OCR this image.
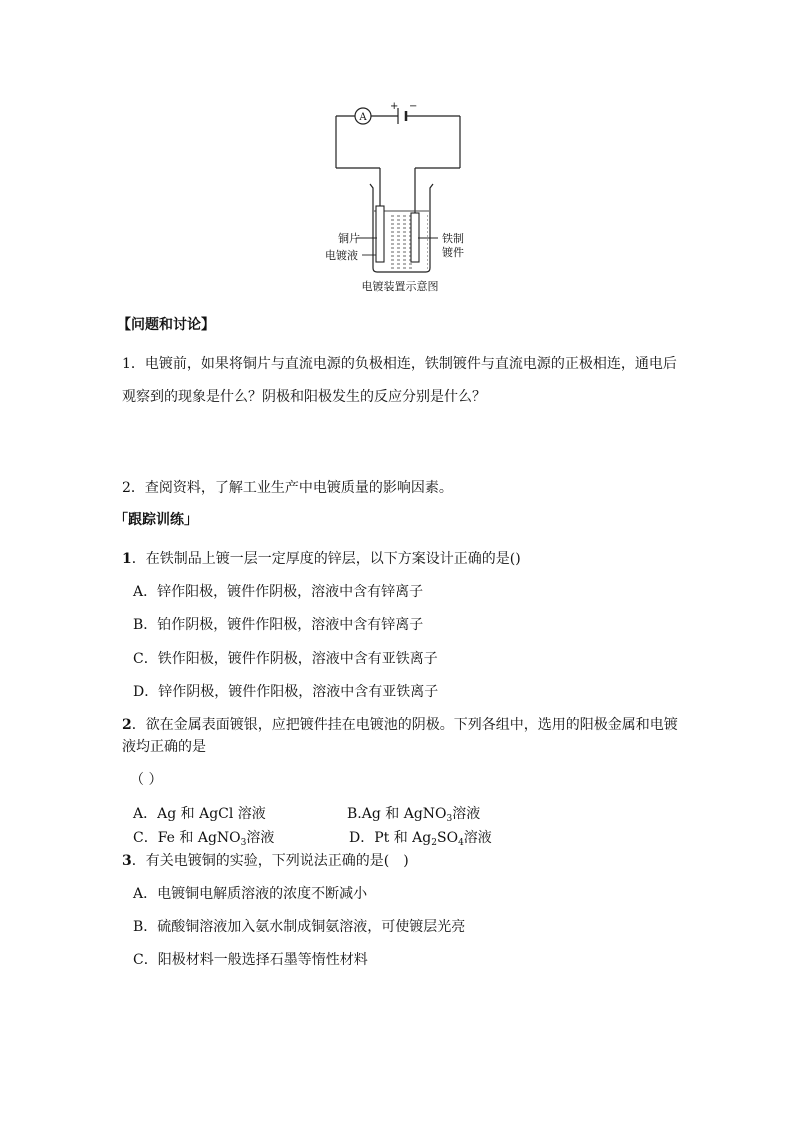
A
+ −
铜片
电镀液
铁制
镀件
电镀装置示意图
【问题和讨论】
1．电镀前，如果将铜片与直流电源的负极相连，铁制镀件与直流电源的正极相连，通电后
观察到的现象是什么？阴极和阳极发生的反应分别是什么？
2．查阅资料，了解工业生产中电镀质量的影响因素。
「跟踪训练」
1．在铁制品上镀一层一定厚度的锌层，以下方案设计正确的是()
A．锌作阳极，镀件作阴极，溶液中含有锌离子
B．铂作阴极，镀件作阳极，溶液中含有锌离子
C．铁作阳极，镀件作阴极，溶液中含有亚铁离子
D．锌作阴极，镀件作阳极，溶液中含有亚铁离子
2．欲在金属表面镀银，应把镀件挂在电镀池的阴极。下列各组中，选用的阳极金属和电镀
液均正确的是
（ ）
A．Ag 和 AgCl 溶液	B.Ag 和 AgNO$_3$溶液
C．Fe 和 AgNO$_3$溶液	D．Pt 和 $Ag_2SO_4$溶液
3．有关电镀铜的实验，下列说法正确的是(　)
A．电镀铜电解质溶液的浓度不断减小
B．硫酸铜溶液加入氨水制成铜氨溶液，可使镀层光亮
C．阳极材料一般选择石墨等惰性材料
